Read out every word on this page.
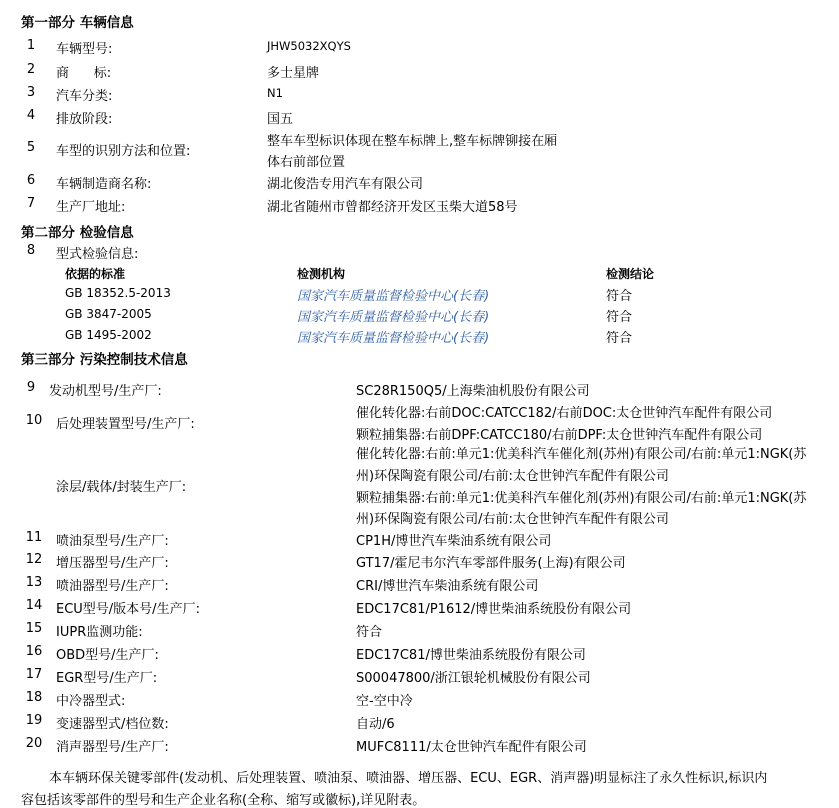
第一部分 车辆信息
1	车辆型号:	JHW5032XQYS
2	商      标:	多士星牌
3	汽车分类:	N1
4	排放阶段:	国五
5	车型的识别方法和位置:
整车车型标识体现在整车标牌上,整车标牌铆接在厢
体右前部位置
6	车辆制造商名称:	湖北俊浩专用汽车有限公司
7	生产厂地址:	湖北省随州市曾都经济开发区玉柴大道58号
第二部分 检验信息
8	型式检验信息:
依据的标准	检测机构	检测结论
GB 18352.5-2013	国家汽车质量监督检验中心(长春)	符合
GB 3847-2005	国家汽车质量监督检验中心(长春)	符合
GB 1495-2002	国家汽车质量监督检验中心(长春)	符合
第三部分 污染控制技术信息
9	发动机型号/生产厂:	SC28R150Q5/上海柴油机股份有限公司
10 后处理装置型号/生产厂:
催化转化器:右前DOC:CATCC182/右前DOC:太仓世钟汽车配件有限公司
颗粒捕集器:右前DPF:CATCC180/右前DPF:太仓世钟汽车配件有限公司
涂层/载体/封装生产厂:
催化转化器:右前:单元1:优美科汽车催化剂(苏州)有限公司/右前:单元1:NGK(苏
州)环保陶瓷有限公司/右前:太仓世钟汽车配件有限公司
颗粒捕集器:右前:单元1:优美科汽车催化剂(苏州)有限公司/右前:单元1:NGK(苏
州)环保陶瓷有限公司/右前:太仓世钟汽车配件有限公司
11 喷油泵型号/生产厂:	CP1H/博世汽车柴油系统有限公司
12 增压器型号/生产厂:	GT17/霍尼韦尔汽车零部件服务(上海)有限公司
13 喷油器型号/生产厂:	CRI/博世汽车柴油系统有限公司
14 ECU型号/版本号/生产厂:	EDC17C81/P1612/博世柴油系统股份有限公司
15 IUPR监测功能:	符合
16 OBD型号/生产厂:	EDC17C81/博世柴油系统股份有限公司
17 EGR型号/生产厂:	S00047800/浙江银轮机械股份有限公司
18 中冷器型式:	空-空中冷
19 变速器型式/档位数:	自动/6
20 消声器型号/生产厂:	MUFC8111/太仓世钟汽车配件有限公司
本车辆环保关键零部件(发动机、后处理装置、喷油泵、喷油器、增压器、ECU、EGR、消声器)明显标注了永久性标识,标识内
容包括该零部件的型号和生产企业名称(全称、缩写或徽标),详见附表。
